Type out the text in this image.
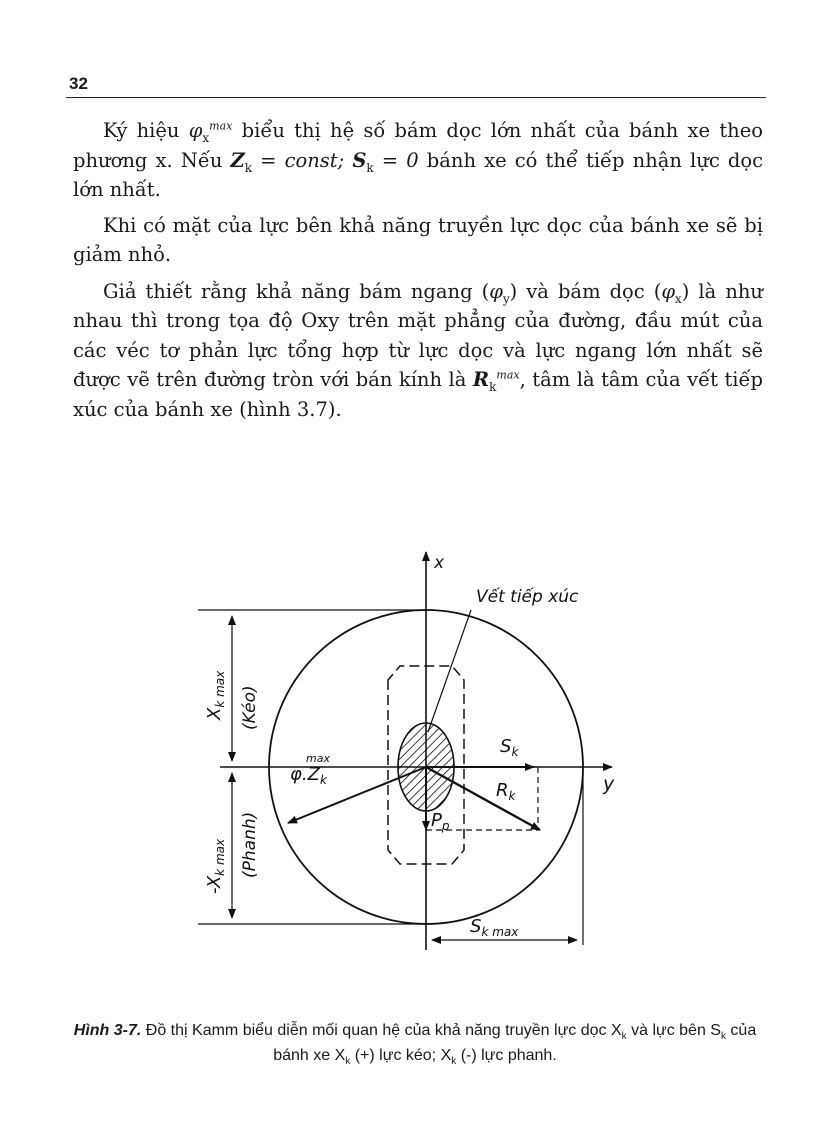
32

Ký hiệu $\varphi_x^{max}$ biểu thị hệ số bám dọc lớn nhất của bánh xe theo phương x. Nếu $Z_k$ = const; $S_k = 0$ bánh xe có thể tiếp nhận lực dọc lớn nhất.

Khi có mặt của lực bên khả năng truyền lực dọc của bánh xe sẽ bị giảm nhỏ.

Giả thiết rằng khả năng bám ngang $(\varphi_y)$ và bám dọc $(\varphi_x)$ là như nhau thì trong tọa độ Oxy trên mặt phẳng của đường, đầu mút của các véc tơ phản lực tổng hợp từ lực dọc và lực ngang lớn nhất sẽ được vẽ trên đường tròn với bán kính là $R_k^{max}$, tâm là tâm của vết tiếp xúc của bánh xe (hình 3.7).

x
y
Vết tiếp xúc
$S_k$
$R_k$
$P_p$
$\varphi.Z_k$
max
$X_{k max}$ (Kéo)
$-X_{k max}$ (Phanh)
$S_{k max}$
Hình 3-7. Đồ thị Kamm biểu diễn mối quan hệ của khả năng truyền lực dọc $X_k$ và lực bên $S_k$ của bánh xe $X_k$ (+) lực kéo; $X_k$ (-) lực phanh.
